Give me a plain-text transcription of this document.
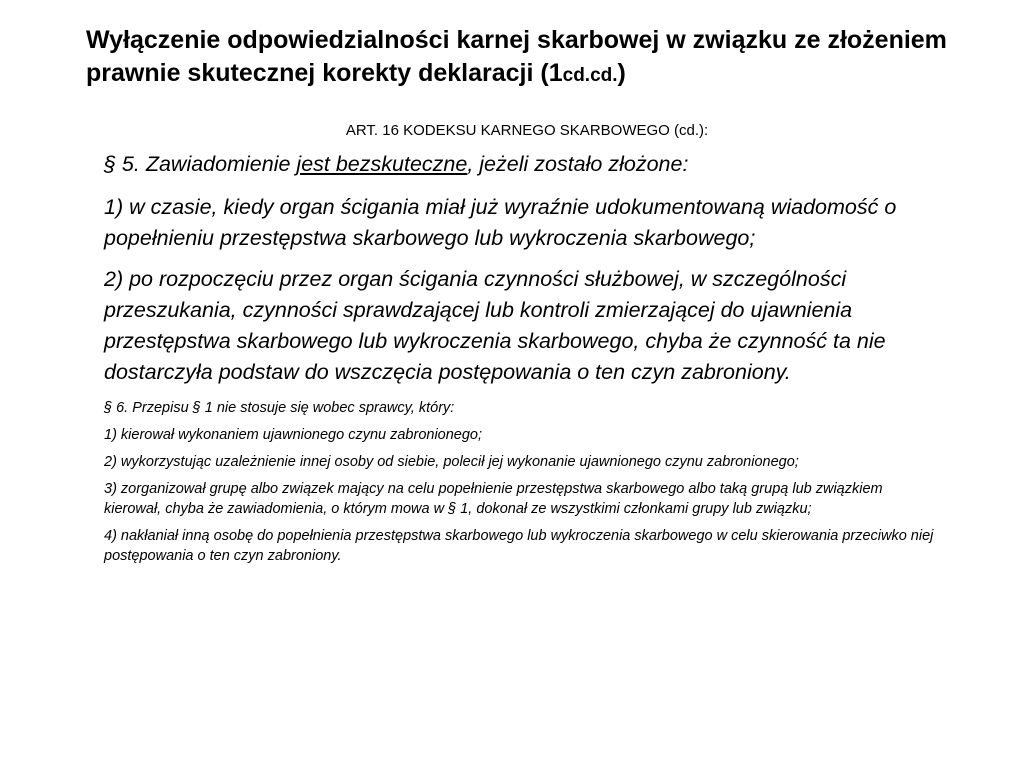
Wyłączenie odpowiedzialności karnej skarbowej w związku ze złożeniem prawnie skutecznej korekty deklaracji (1cd.cd.)

ART. 16 KODEKSU KARNEGO SKARBOWEGO (cd.):

§ 5. Zawiadomienie jest bezskuteczne, jeżeli zostało złożone:

1) w czasie, kiedy organ ścigania miał już wyraźnie udokumentowaną wiadomość o popełnieniu przestępstwa skarbowego lub wykroczenia skarbowego;

2) po rozpoczęciu przez organ ścigania czynności służbowej, w szczególności przeszukania, czynności sprawdzającej lub kontroli zmierzającej do ujawnienia przestępstwa skarbowego lub wykroczenia skarbowego, chyba że czynność ta nie dostarczyła podstaw do wszczęcia postępowania o ten czyn zabroniony.

§ 6. Przepisu § 1 nie stosuje się wobec sprawcy, który:

1) kierował wykonaniem ujawnionego czynu zabronionego;

2) wykorzystując uzależnienie innej osoby od siebie, polecił jej wykonanie ujawnionego czynu zabronionego;

3) zorganizował grupę albo związek mający na celu popełnienie przestępstwa skarbowego albo taką grupą lub związkiem kierował, chyba że zawiadomienia, o którym mowa w § 1, dokonał ze wszystkimi członkami grupy lub związku;

4) nakłaniał inną osobę do popełnienia przestępstwa skarbowego lub wykroczenia skarbowego w celu skierowania przeciwko niej postępowania o ten czyn zabroniony.
